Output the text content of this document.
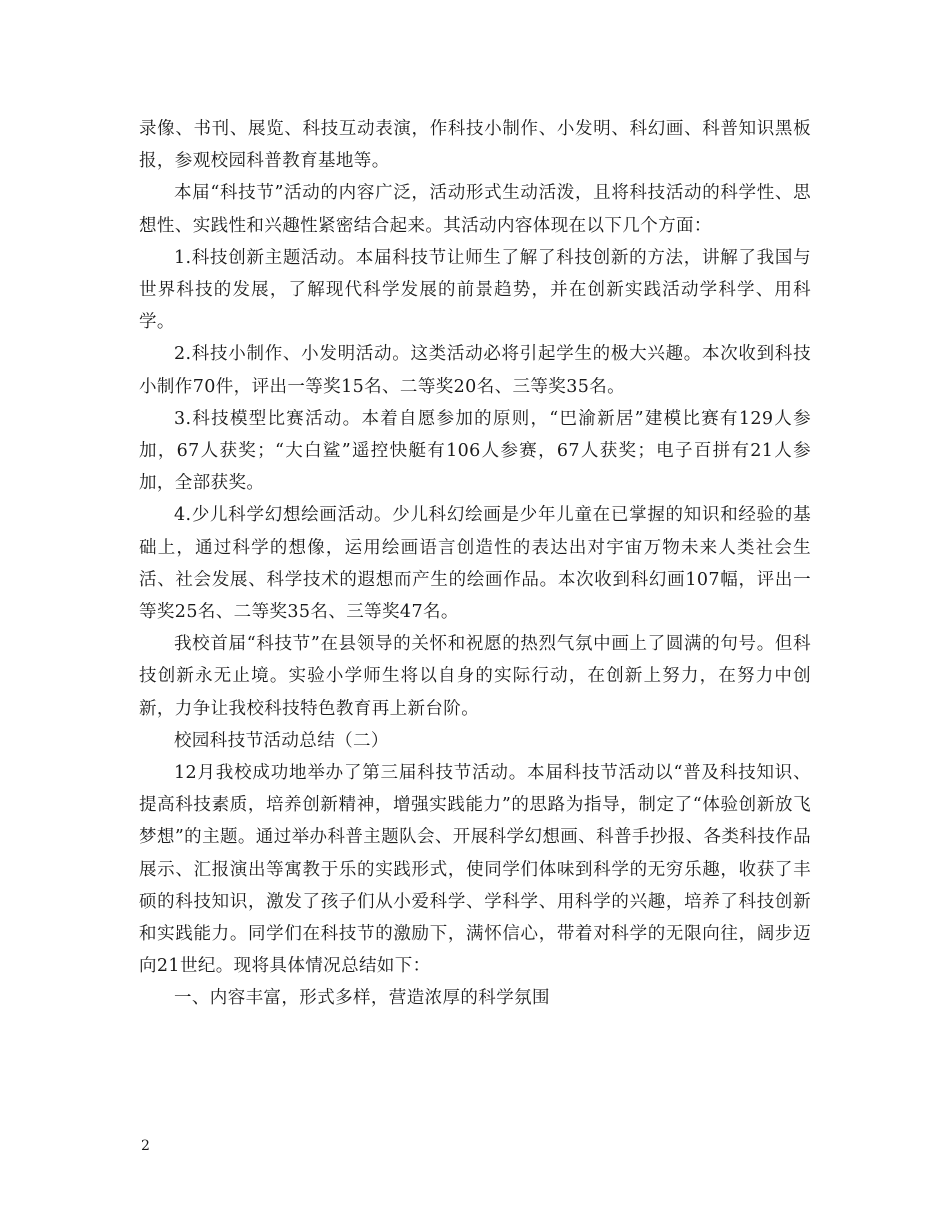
录像、书刊、展览、科技互动表演，作科技小制作、小发明、科幻画、科普知识黑板报，参观校园科普教育基地等。

本届“科技节”活动的内容广泛，活动形式生动活泼，且将科技活动的科学性、思想性、实践性和兴趣性紧密结合起来。其活动内容体现在以下几个方面：

1.科技创新主题活动。本届科技节让师生了解了科技创新的方法，讲解了我国与世界科技的发展，了解现代科学发展的前景趋势，并在创新实践活动学科学、用科学。

2.科技小制作、小发明活动。这类活动必将引起学生的极大兴趣。本次收到科技小制作70件，评出一等奖15名、二等奖20名、三等奖35名。

3.科技模型比赛活动。本着自愿参加的原则，“巴渝新居”建模比赛有129人参加，67人获奖；“大白鲨”遥控快艇有106人参赛，67人获奖；电子百拼有21人参加，全部获奖。

4.少儿科学幻想绘画活动。少儿科幻绘画是少年儿童在已掌握的知识和经验的基础上，通过科学的想像，运用绘画语言创造性的表达出对宇宙万物未来人类社会生活、社会发展、科学技术的遐想而产生的绘画作品。本次收到科幻画107幅，评出一等奖25名、二等奖35名、三等奖47名。

我校首届“科技节”在县领导的关怀和祝愿的热烈气氛中画上了圆满的句号。但科技创新永无止境。实验小学师生将以自身的实际行动，在创新上努力，在努力中创新，力争让我校科技特色教育再上新台阶。

校园科技节活动总结（二）

12月我校成功地举办了第三届科技节活动。本届科技节活动以“普及科技知识、提高科技素质，培养创新精神，增强实践能力”的思路为指导，制定了“体验创新放飞梦想”的主题。通过举办科普主题队会、开展科学幻想画、科普手抄报、各类科技作品展示、汇报演出等寓教于乐的实践形式，使同学们体味到科学的无穷乐趣，收获了丰硕的科技知识，激发了孩子们从小爱科学、学科学、用科学的兴趣，培养了科技创新和实践能力。同学们在科技节的激励下，满怀信心，带着对科学的无限向往，阔步迈向21世纪。现将具体情况总结如下：

一、内容丰富，形式多样，营造浓厚的科学氛围

2
